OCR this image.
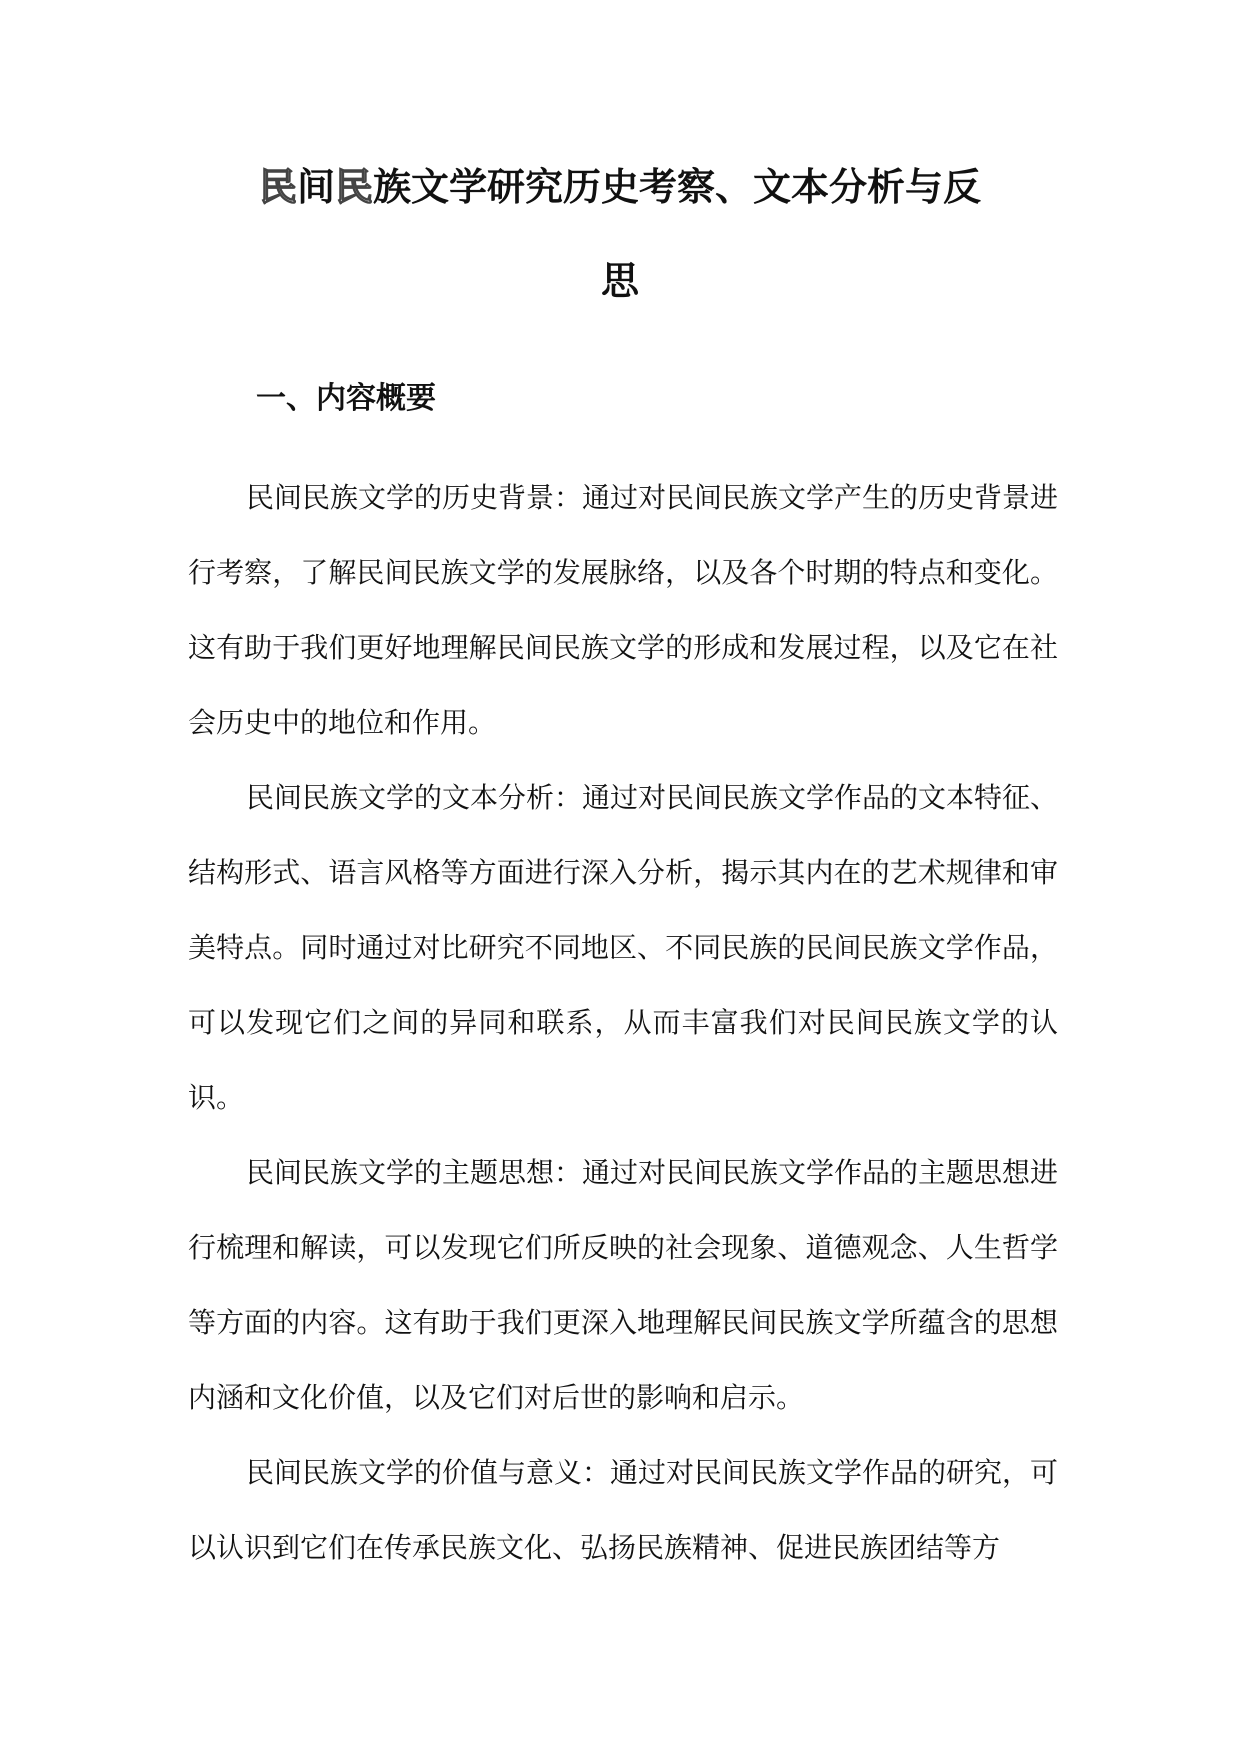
民间民族文学研究历史考察、文本分析与反
思
一、内容概要

民间民族文学的历史背景：通过对民间民族文学产生的历史背景进行考察，了解民间民族文学的发展脉络，以及各个时期的特点和变化。这有助于我们更好地理解民间民族文学的形成和发展过程，以及它在社会历史中的地位和作用。

民间民族文学的文本分析：通过对民间民族文学作品的文本特征、结构形式、语言风格等方面进行深入分析，揭示其内在的艺术规律和审美特点。同时通过对比研究不同地区、不同民族的民间民族文学作品，可以发现它们之间的异同和联系，从而丰富我们对民间民族文学的认识。

民间民族文学的主题思想：通过对民间民族文学作品的主题思想进行梳理和解读，可以发现它们所反映的社会现象、道德观念、人生哲学等方面的内容。这有助于我们更深入地理解民间民族文学所蕴含的思想内涵和文化价值，以及它们对后世的影响和启示。

民间民族文学的价值与意义：通过对民间民族文学作品的研究，可以认识到它们在传承民族文化、弘扬民族精神、促进民族团结等方
